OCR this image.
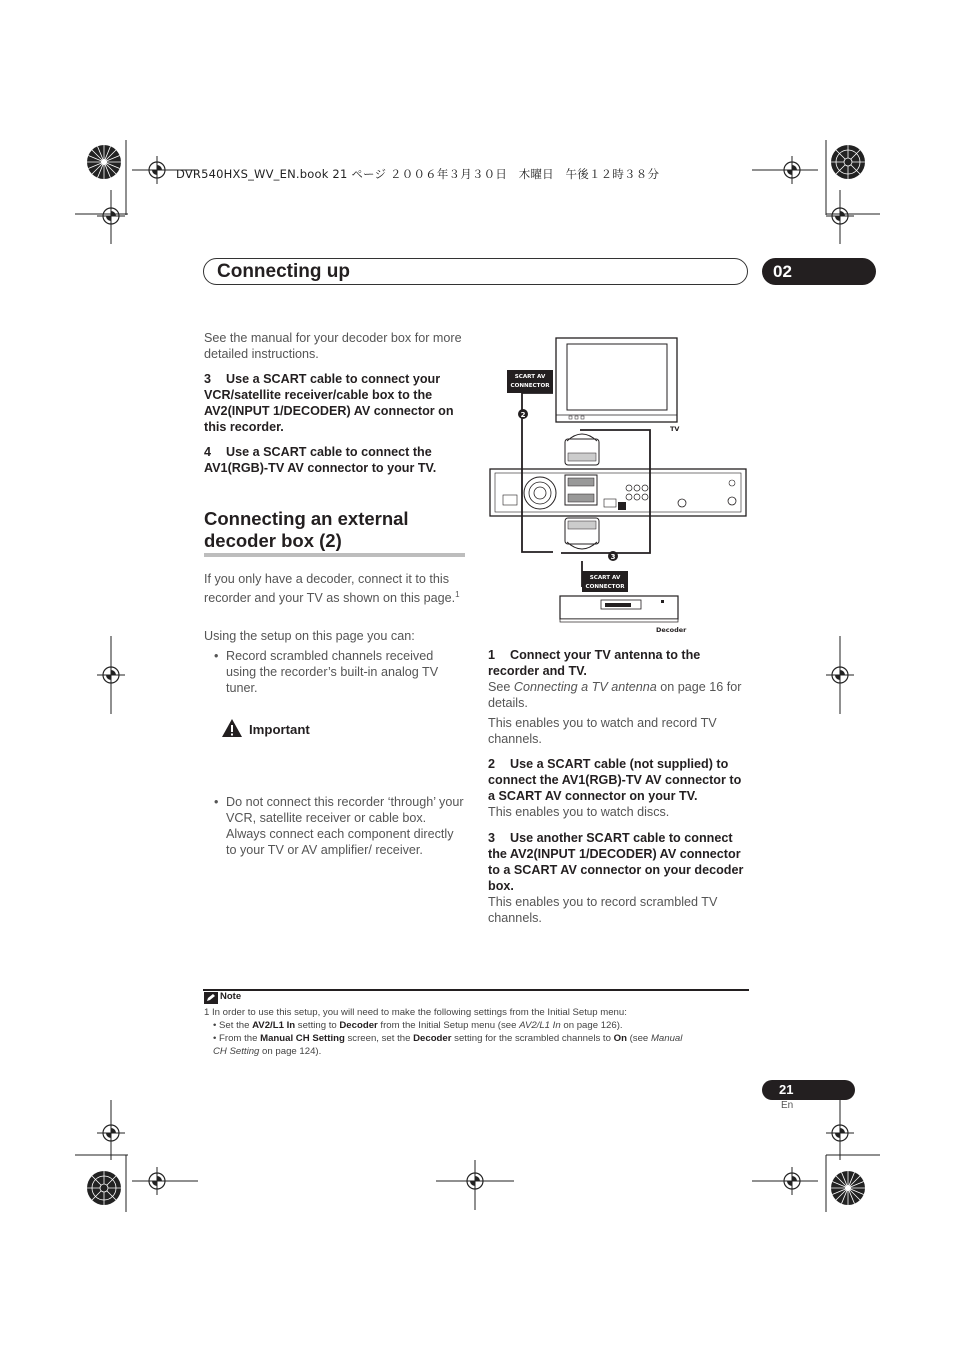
DVR540HXS_WV_EN.book 21 ページ ２００６年３月３０日　木曜日　午後１２時３８分
Connecting up	02
See the manual for your decoder box for more detailed instructions.
3 Use a SCART cable to connect your VCR/satellite receiver/cable box to the AV2(INPUT 1/DECODER) AV connector on this recorder.
4 Use a SCART cable to connect the AV1(RGB)-TV AV connector to your TV.
Connecting an external decoder box (2)
If you only have a decoder, connect it to this recorder and your TV as shown on this page.$^1$
Using the setup on this page you can:
• Record scrambled channels received using the recorder’s built-in analog TV tuner.
Important
• Do not connect this recorder ‘through’ your VCR, satellite receiver or cable box. Always connect each component directly to your TV or AV amplifier/ receiver.
TV
SCART AV
CONNECTOR
2
3
SCART AV
CONNECTOR
Decoder
1 Connect your TV antenna to the recorder and TV.
See Connecting a TV antenna on page 16 for details.
This enables you to watch and record TV channels.
2 Use a SCART cable (not supplied) to connect the AV1(RGB)-TV AV connector to a SCART AV connector on your TV.
This enables you to watch discs.
3 Use another SCART cable to connect the AV2(INPUT 1/DECODER) AV connector to a SCART AV connector on your decoder box.
This enables you to record scrambled TV channels.
Note
1 In order to use this setup, you will need to make the following settings from the Initial Setup menu:
• Set the AV2/L1 In setting to Decoder from the Initial Setup menu (see AV2/L1 In on page 126).
• From the Manual CH Setting screen, set the Decoder setting for the scrambled channels to On (see Manual
CH Setting on page 124).
21
En
